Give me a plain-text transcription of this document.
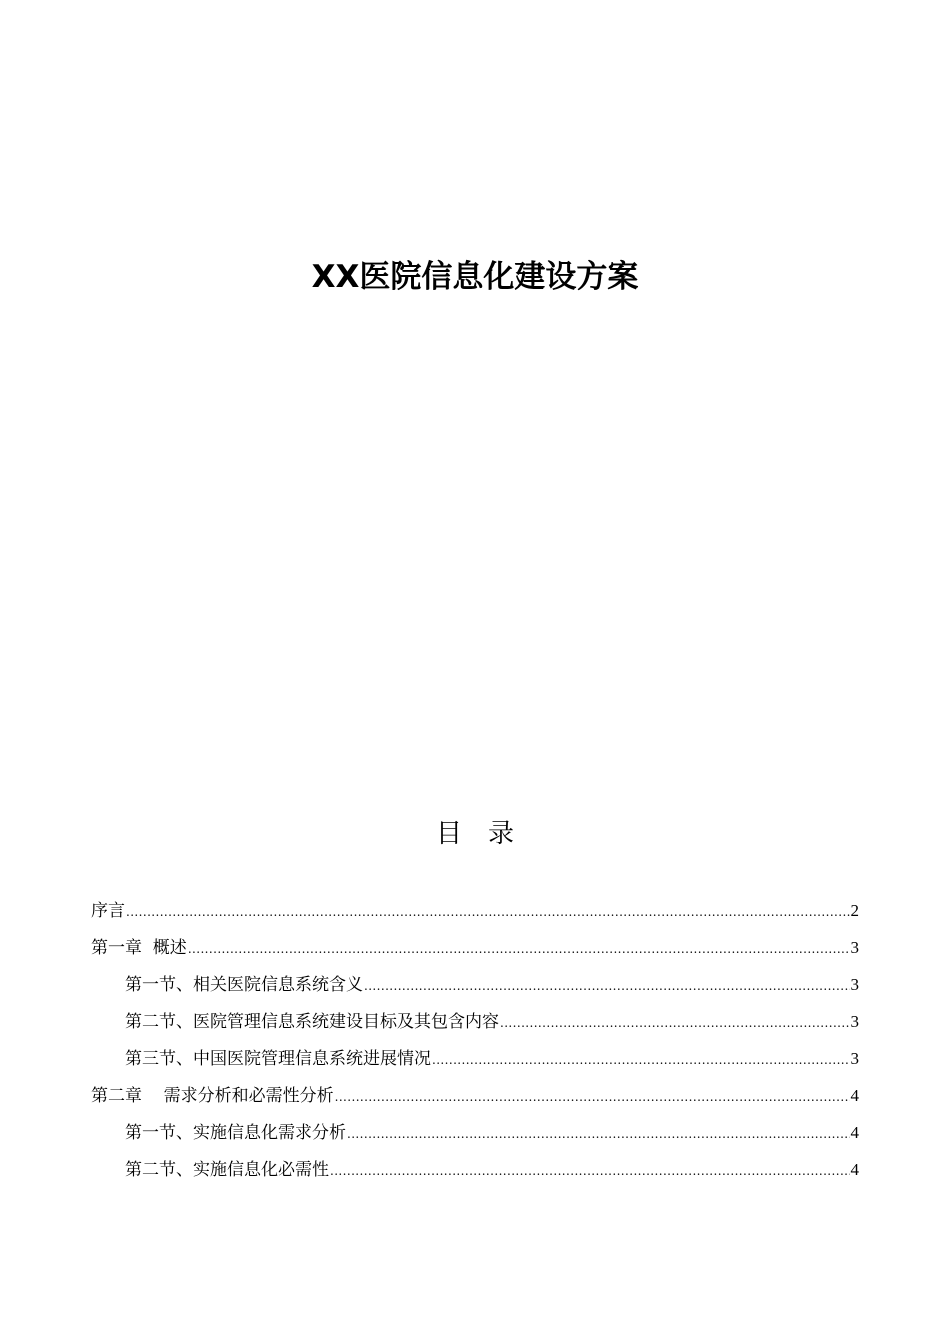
XX医院信息化建设方案
目 录
序言 .....	2
第一章  概述 .....	3
第一节、相关医院信息系统含义 .....	3
第二节、医院管理信息系统建设目标及其包含内容 .....	3
第三节、中国医院管理信息系统进展情况 .....	3
第二章    需求分析和必需性分析 .....	4
第一节、实施信息化需求分析 .....	4
第二节、实施信息化必需性 .....	4
